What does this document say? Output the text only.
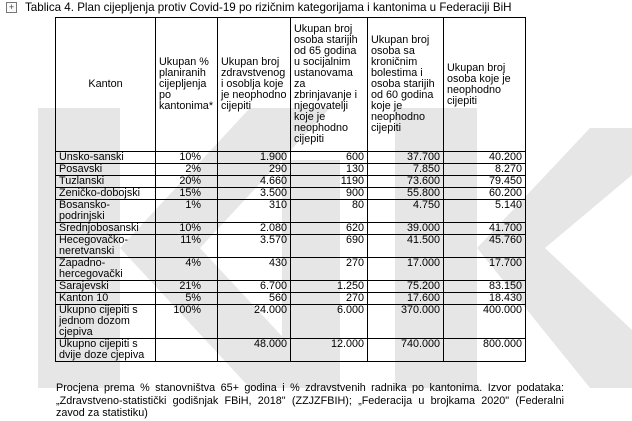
+ Tablica 4. Plan cijepljenja protiv Covid-19 po rizičnim kategorijama i kantonima u Federaciji BiH
Kanton	Ukupan % planiranih cijepljenja po kantonima*	Ukupan broj zdravstvenog i osoblja koje je neophodno cijepiti	Ukupan broj osoba starijih od 65 godina u socijalnim ustanovama za zbrinjavanje i njegovatelji koje je neophodno cijepiti	Ukupan broj osoba sa kroničnim bolestima i osoba starijih od 60 godina koje je neophodno cijepiti	Ukupan broj osoba koje je neophodno cijepiti
Unsko-sanski	10%	1.900	600	37.700	40.200
Posavski	2%	290	130	7.850	8.270
Tuzlanski	20%	4.660	1190	73.600	79.450
Zeničko-dobojski	15%	3.500	900	55.800	60.200
Bosansko-podrinjski	1%	310	80	4.750	5.140
Srednjobosanski	10%	2.080	620	39.000	41.700
Hecegovačko-neretvanski	11%	3.570	690	41.500	45.760
Zapadno-hercegovački	4%	430	270	17.000	17.700
Sarajevski	21%	6.700	1.250	75.200	83.150
Kanton 10	5%	560	270	17.600	18.430
Ukupno cijepiti s jednom dozom cjepiva	100%	24.000	6.000	370.000	400.000
Ukupno cijepiti s dvije doze cjepiva		48.000	12.000	740.000	800.000
Procjena prema % stanovništva 65+ godina i % zdravstvenih radnika po kantonima. Izvor podataka: „Zdravstveno-statistički godišnjak FBiH, 2018" (ZZJZFBIH); „Federacija u brojkama 2020" (Federalni zavod za statistiku)
